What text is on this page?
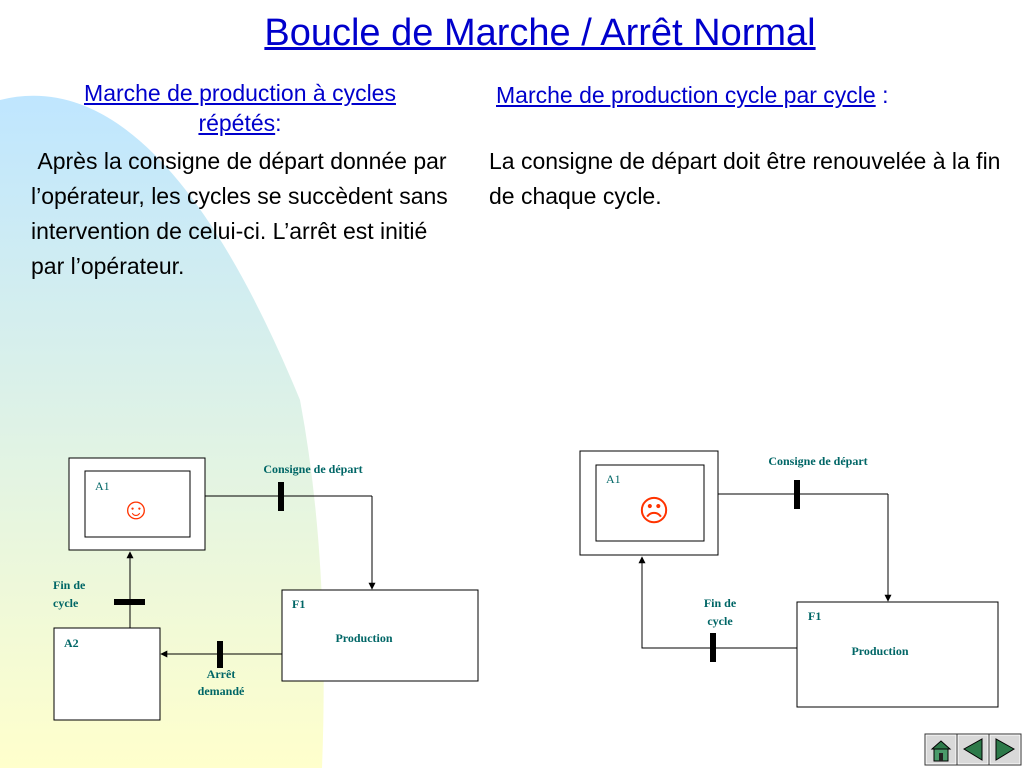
Boucle de Marche / Arrêt Normal
Marche de production à cycles répétés:
Après la consigne de départ donnée par l’opérateur, les cycles se succèdent sans intervention de celui-ci. L’arrêt est initié par l’opérateur.
Marche de production cycle par cycle :
La consigne de départ doit être renouvelée à la fin de chaque cycle.
A1
☺
Consigne de départ
F1
Production
Arrêt
demandé
A2
Fin de
cycle
A1
☹
Consigne de départ
F1
Production
Fin de
cycle
